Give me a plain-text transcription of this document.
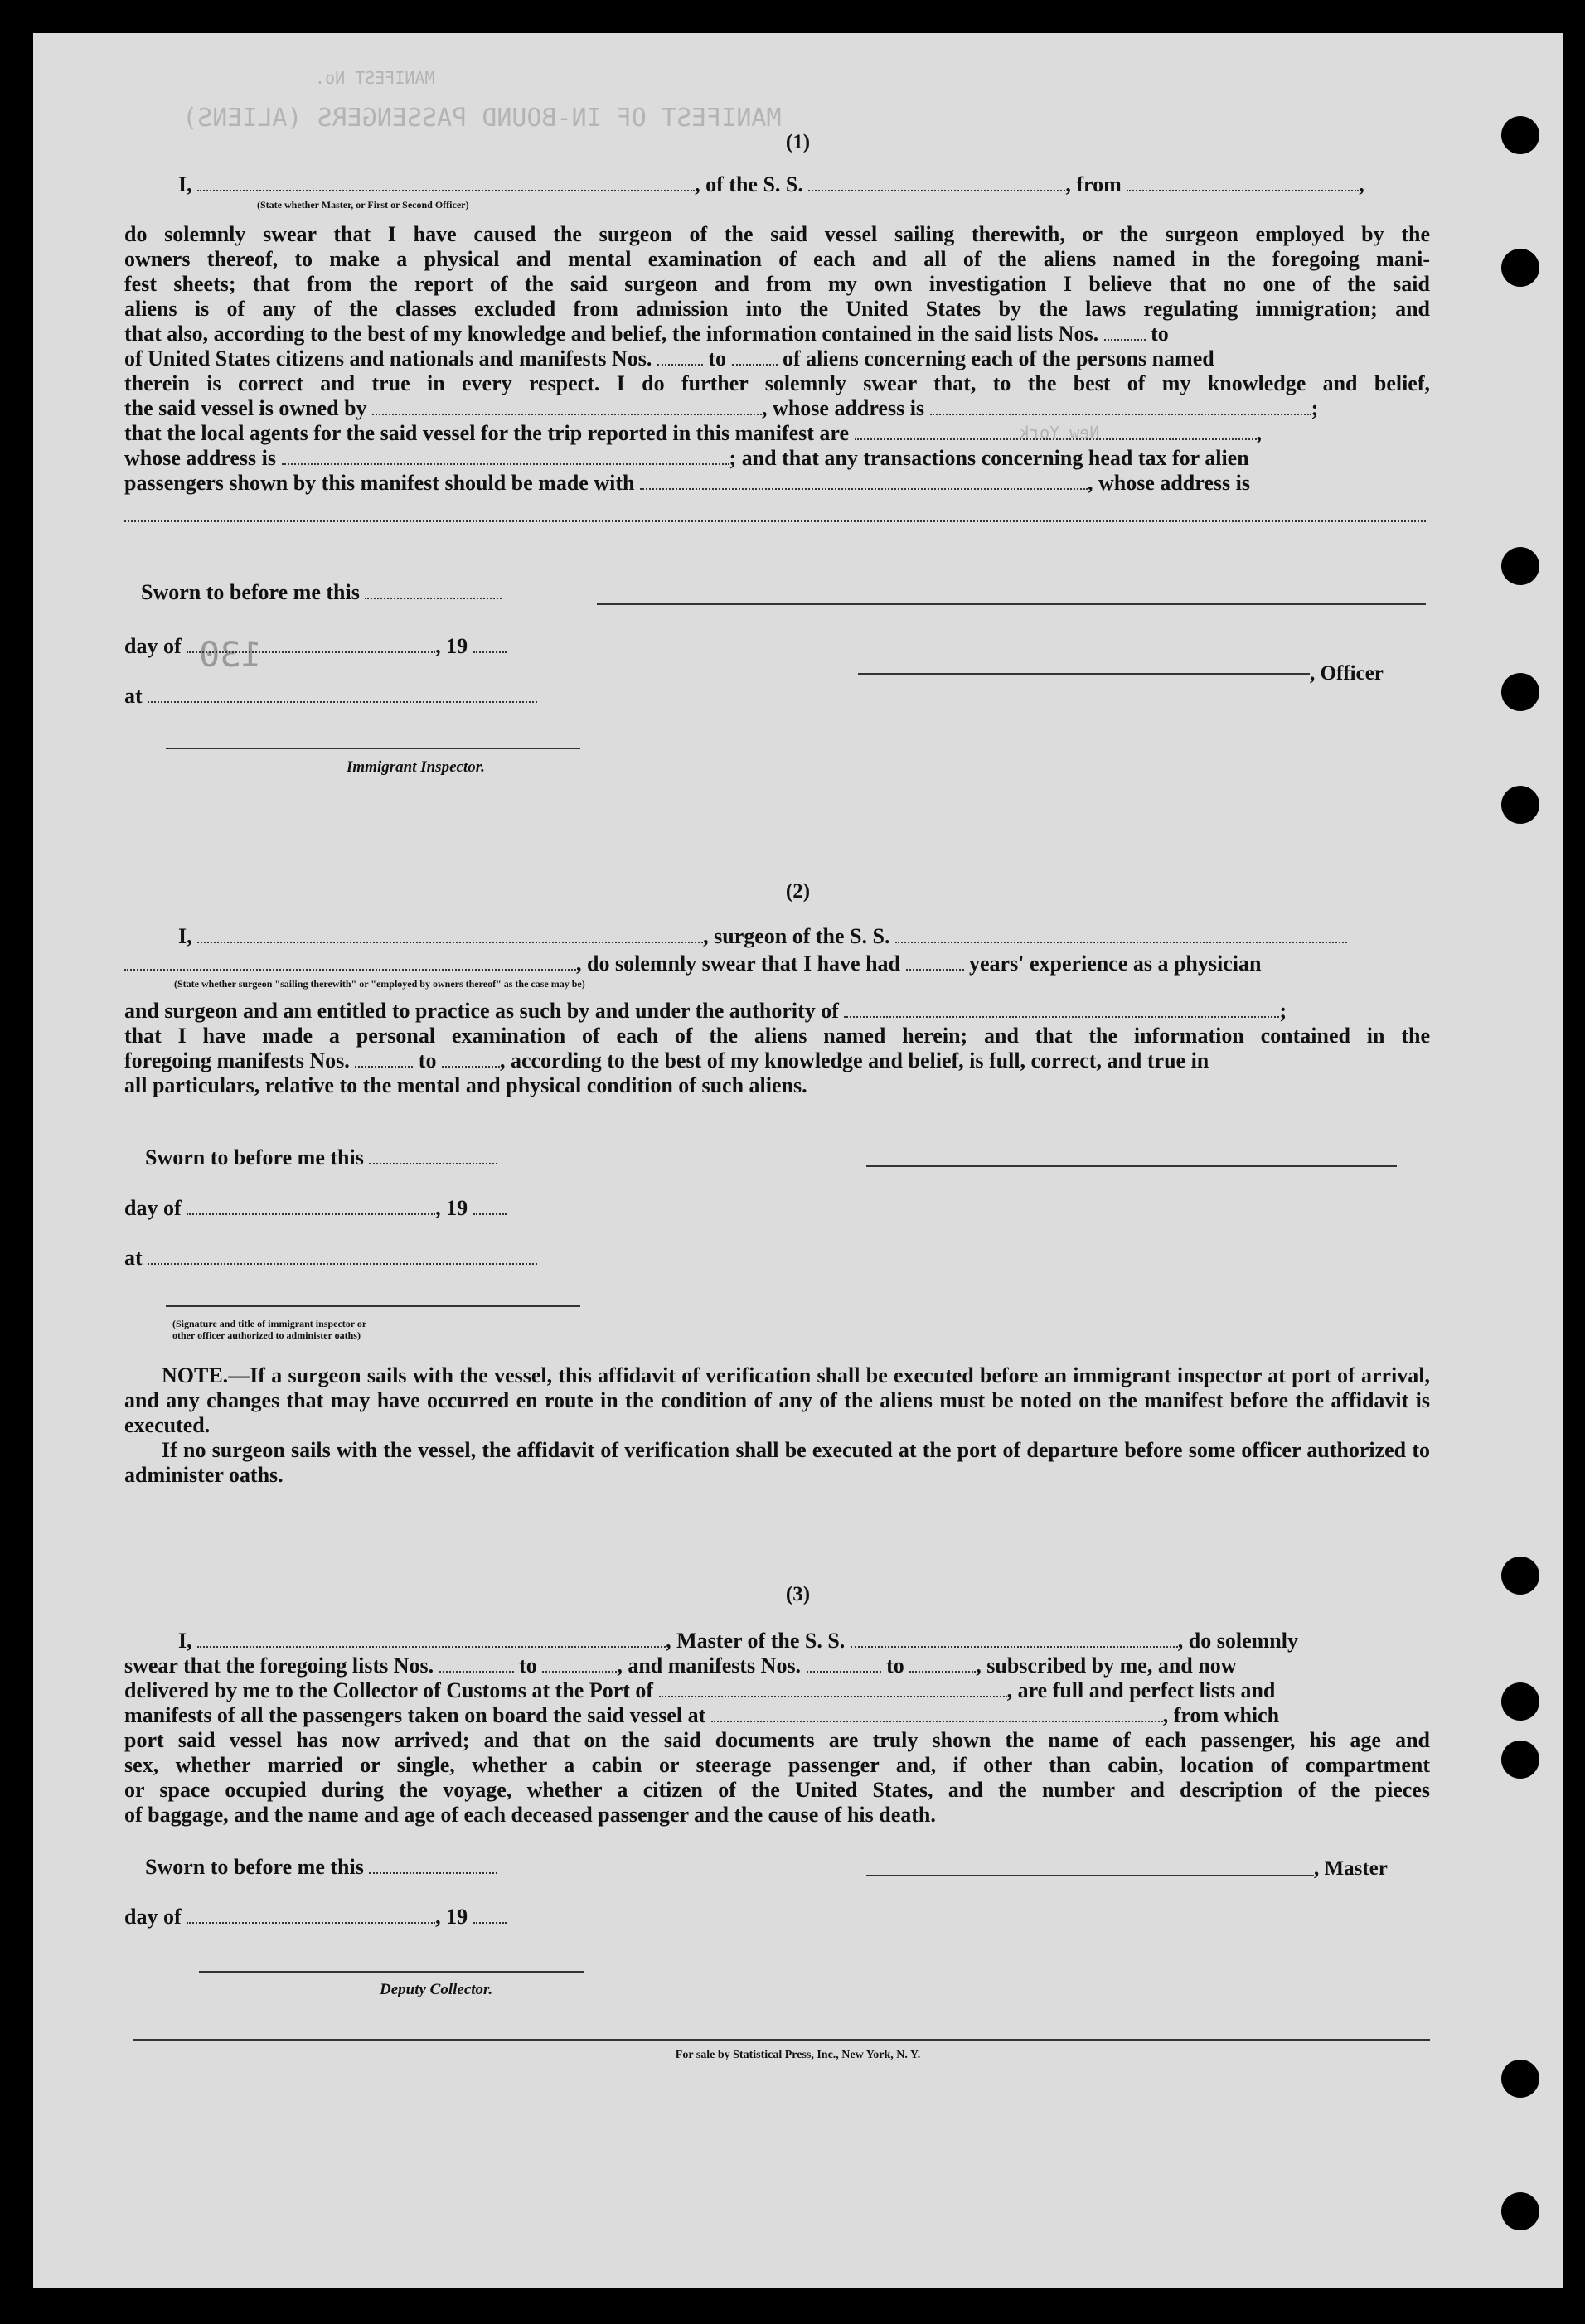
MANIFEST OF IN-BOUND PASSENGERS (ALIENS)
MANIFEST No.
130
New York
(1)
I,	, of the S. S.	, from	,
(State whether Master, or First or Second Officer)
do solemnly swear that I have caused the surgeon of the said vessel sailing therewith, or the surgeon employed by the
owners thereof, to make a physical and mental examination of each and all of the aliens named in the foregoing mani-
fest sheets; that from the report of the said surgeon and from my own investigation I believe that no one of the said
aliens is of any of the classes excluded from admission into the United States by the laws regulating immigration; and
that also, according to the best of my knowledge and belief, the information contained in the said lists Nos. to
of United States citizens and nationals and manifests Nos.	to	of aliens concerning each of the persons named
therein is correct and true in every respect. I do further solemnly swear that, to the best of my knowledge and belief,
the said vessel is owned by	, whose address is	;
that the local agents for the said vessel for the trip reported in this manifest are	,
whose address is	; and that any transactions concerning head tax for alien
passengers shown by this manifest should be made with	, whose address is
Sworn to before me this
day of	, 19
at
, Officer
Immigrant Inspector.
(2)
I,	, surgeon of the S. S.
, do solemnly swear that I have had	years' experience as a physician
(State whether surgeon "sailing therewith" or "employed by owners thereof" as the case may be)
and surgeon and am entitled to practice as such by and under the authority of	;
that I have made a personal examination of each of the aliens named herein; and that the information contained in the
foregoing manifests Nos.	to	, according to the best of my knowledge and belief, is full, correct, and true in
all particulars, relative to the mental and physical condition of such aliens.
Sworn to before me this
day of	, 19
at
(Signature and title of immigrant inspector or
other officer authorized to administer oaths)
NOTE.—If a surgeon sails with the vessel, this affidavit of verification shall be executed before an immigrant inspector at port of arrival, and any changes that may have occurred en route in the condition of any of the aliens must be noted on the manifest before the affidavit is executed.
If no surgeon sails with the vessel, the affidavit of verification shall be executed at the port of departure before some officer authorized to administer oaths.
(3)
I,	, Master of the S. S.	, do solemnly
swear that the foregoing lists Nos.	to	, and manifests Nos.	to	, subscribed by me, and now
delivered by me to the Collector of Customs at the Port of	, are full and perfect lists and
manifests of all the passengers taken on board the said vessel at	, from which
port said vessel has now arrived; and that on the said documents are truly shown the name of each passenger, his age and
sex, whether married or single, whether a cabin or steerage passenger and, if other than cabin, location of compartment
or space occupied during the voyage, whether a citizen of the United States, and the number and description of the pieces
of baggage, and the name and age of each deceased passenger and the cause of his death.
Sworn to before me this	, Master
day of	, 19
Deputy Collector.
For sale by Statistical Press, Inc., New York, N. Y.
